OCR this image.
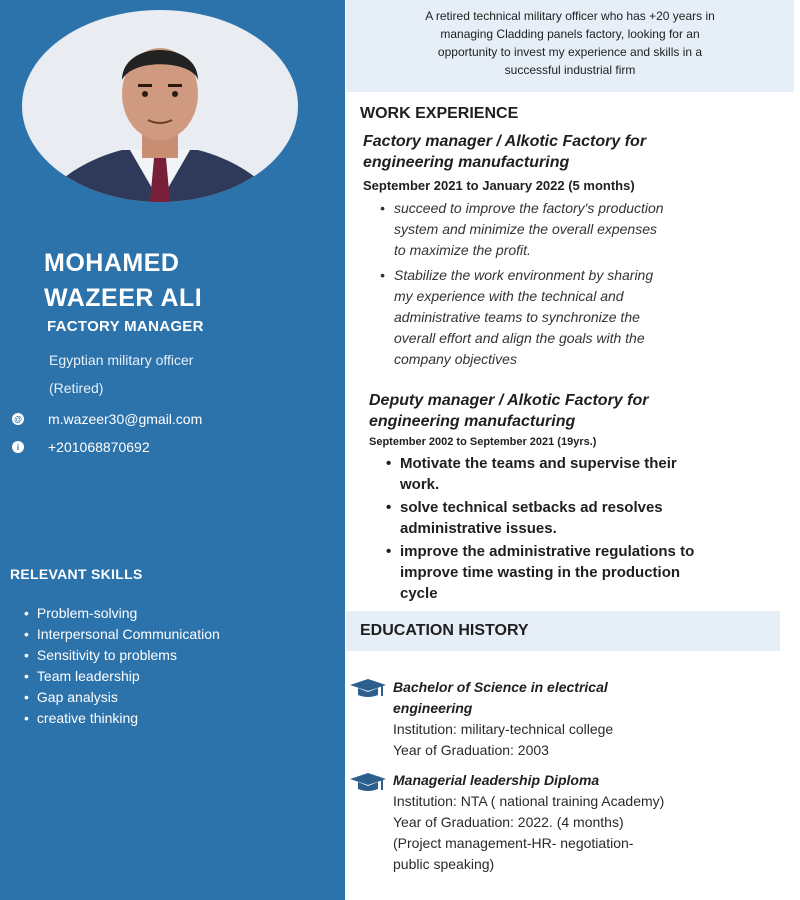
MOHAMED
WAZEER ALI
FACTORY MANAGER
Egyptian military officer
(Retired)
@ m.wazeer30@gmail.com
i	+201068870692
RELEVANT SKILLS
• Problem-solving
• Interpersonal Communication
• Sensitivity to problems
• Team leadership
• Gap analysis
• creative thinking
A retired technical military officer who has +20 years in
managing Cladding panels factory, looking for an
opportunity to invest my experience and skills in a
successful industrial firm
WORK EXPERIENCE
Factory manager / Alkotic Factory for
engineering manufacturing
September 2021 to January 2022 (5 months)
• succeed to improve the factory's production
system and minimize the overall expenses
to maximize the profit.
• Stabilize the work environment by sharing
my experience with the technical and
administrative teams to synchronize the
overall effort and align the goals with the
company objectives
Deputy manager / Alkotic Factory for
engineering manufacturing
September 2002 to September 2021 (19yrs.)
• Motivate the teams and supervise their
work.
• solve technical setbacks ad resolves
administrative issues.
• improve the administrative regulations to
improve time wasting in the production
cycle
EDUCATION HISTORY
Bachelor of Science in electrical
engineering
Institution: military-technical college
Year of Graduation: 2003
Managerial leadership Diploma
Institution: NTA ( national training Academy)
Year of Graduation: 2022. (4 months)
(Project management-HR- negotiation-
public speaking)
